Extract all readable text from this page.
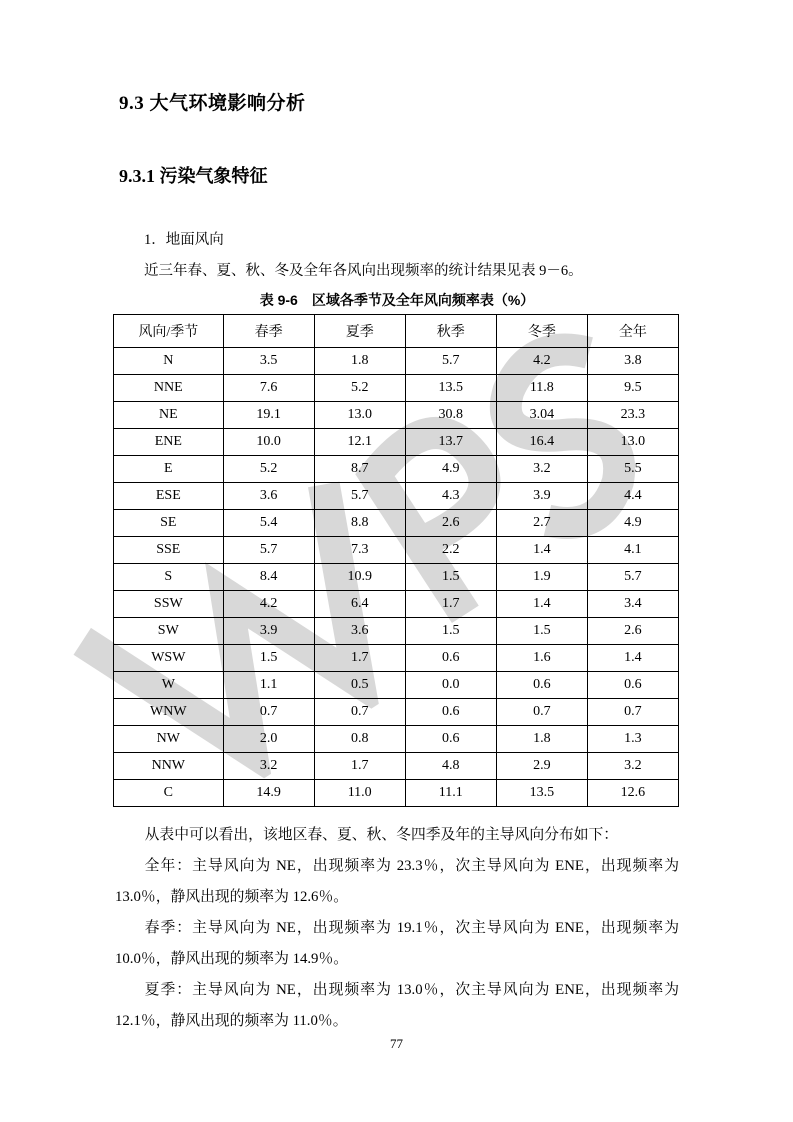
9.3 大气环境影响分析
9.3.1 污染气象特征

1．地面风向

近三年春、夏、秋、冬及全年各风向出现频率的统计结果见表 9－6。

表 9-6　区域各季节及全年风向频率表（%）
风向/季节	春季	夏季	秋季	冬季	全年
N	3.5	1.8	5.7	4.2	3.8
NNE	7.6	5.2	13.5	11.8	9.5
NE	19.1	13.0	30.8	3.04	23.3
ENE	10.0	12.1	13.7	16.4	13.0
E	5.2	8.7	4.9	3.2	5.5
ESE	3.6	5.7	4.3	3.9	4.4
SE	5.4	8.8	2.6	2.7	4.9
SSE	5.7	7.3	2.2	1.4	4.1
S	8.4	10.9	1.5	1.9	5.7
SSW	4.2	6.4	1.7	1.4	3.4
SW	3.9	3.6	1.5	1.5	2.6
WSW	1.5	1.7	0.6	1.6	1.4
W	1.1	0.5	0.0	0.6	0.6
WNW	0.7	0.7	0.6	0.7	0.7
NW	2.0	0.8	0.6	1.8	1.3
NNW	3.2	1.7	4.8	2.9	3.2
C	14.9	11.0	11.1	13.5	12.6

从表中可以看出，该地区春、夏、秋、冬四季及年的主导风向分布如下：

全年：主导风向为 NE，出现频率为 23.3％，次主导风向为 ENE，出现频率为 13.0％，静风出现的频率为 12.6％。

春季：主导风向为 NE，出现频率为 19.1％，次主导风向为 ENE，出现频率为 10.0％，静风出现的频率为 14.9％。

夏季：主导风向为 NE，出现频率为 13.0％，次主导风向为 ENE，出现频率为 12.1％，静风出现的频率为 11.0％。

77
